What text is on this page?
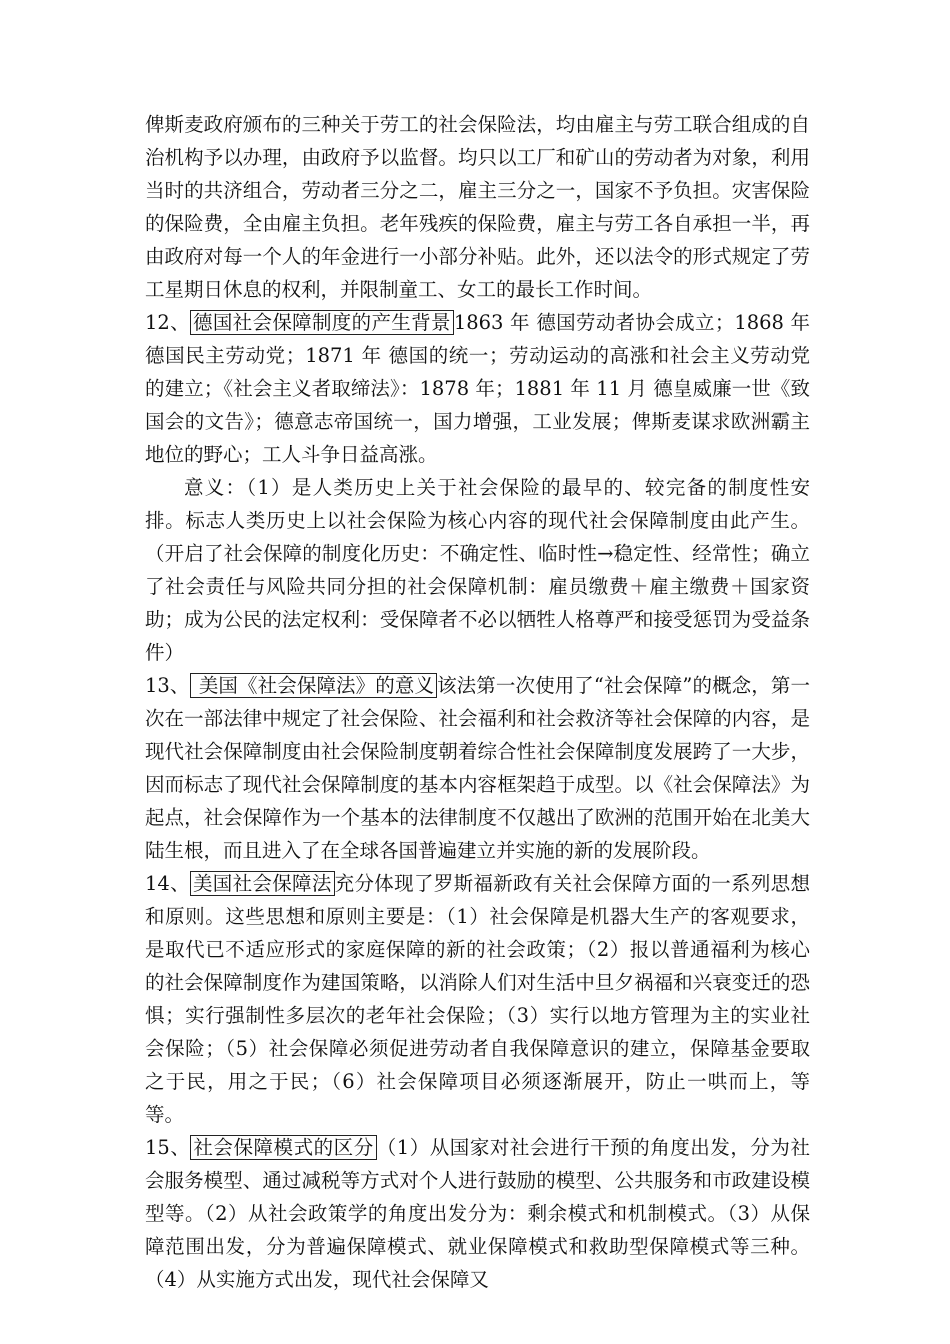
俾斯麦政府颁布的三种关于劳工的社会保险法，均由雇主与劳工联合组成的自治机构予以办理，由政府予以监督。均只以工厂和矿山的劳动者为对象，利用当时的共济组合，劳动者三分之二，雇主三分之一，国家不予负担。灾害保险的保险费，全由雇主负担。老年残疾的保险费，雇主与劳工各自承担一半，再由政府对每一个人的年金进行一小部分补贴。此外，还以法令的形式规定了劳工星期日休息的权利，并限制童工、女工的最长工作时间。

12、 德国社会保障制度的产生背景 1863 年 德国劳动者协会成立；1868 年 德国民主劳动党；1871 年 德国的统一；劳动运动的高涨和社会主义劳动党的建立；《社会主义者取缔法》：1878 年；1881 年 11 月 德皇威廉一世《致国会的文告》；德意志帝国统一，国力增强，工业发展；俾斯麦谋求欧洲霸主地位的野心；工人斗争日益高涨。

意义：（1）是人类历史上关于社会保险的最早的、较完备的制度性安排。标志人类历史上以社会保险为核心内容的现代社会保障制度由此产生。（开启了社会保障的制度化历史：不确定性、临时性→稳定性、经常性；确立了社会责任与风险共同分担的社会保障机制：雇员缴费＋雇主缴费＋国家资助；成为公民的法定权利：受保障者不必以牺牲人格尊严和接受惩罚为受益条件）

13、 美国《社会保障法》的意义 该法第一次使用了“社会保障”的概念，第一次在一部法律中规定了社会保险、社会福利和社会救济等社会保障的内容，是现代社会保障制度由社会保险制度朝着综合性社会保障制度发展跨了一大步，因而标志了现代社会保障制度的基本内容框架趋于成型。以《社会保障法》为起点，社会保障作为一个基本的法律制度不仅越出了欧洲的范围开始在北美大陆生根，而且进入了在全球各国普遍建立并实施的新的发展阶段。

14、 美国社会保障法 充分体现了罗斯福新政有关社会保障方面的一系列思想和原则。这些思想和原则主要是：（1）社会保障是机器大生产的客观要求，是取代已不适应形式的家庭保障的新的社会政策；（2）报以普通福利为核心的社会保障制度作为建国策略，以消除人们对生活中旦夕祸福和兴衰变迁的恐惧；实行强制性多层次的老年社会保险；（3）实行以地方管理为主的实业社会保险；（5）社会保障必须促进劳动者自我保障意识的建立，保障基金要取之于民，用之于民；（6）社会保障项目必须逐渐展开，防止一哄而上，等等。

15、 社会保障模式的区分 （1）从国家对社会进行干预的角度出发，分为社会服务模型、通过减税等方式对个人进行鼓励的模型、公共服务和市政建设模型等。（2）从社会政策学的角度出发分为：剩余模式和机制模式。（3）从保障范围出发，分为普遍保障模式、就业保障模式和救助型保障模式等三种。（4）从实施方式出发，现代社会保障又
